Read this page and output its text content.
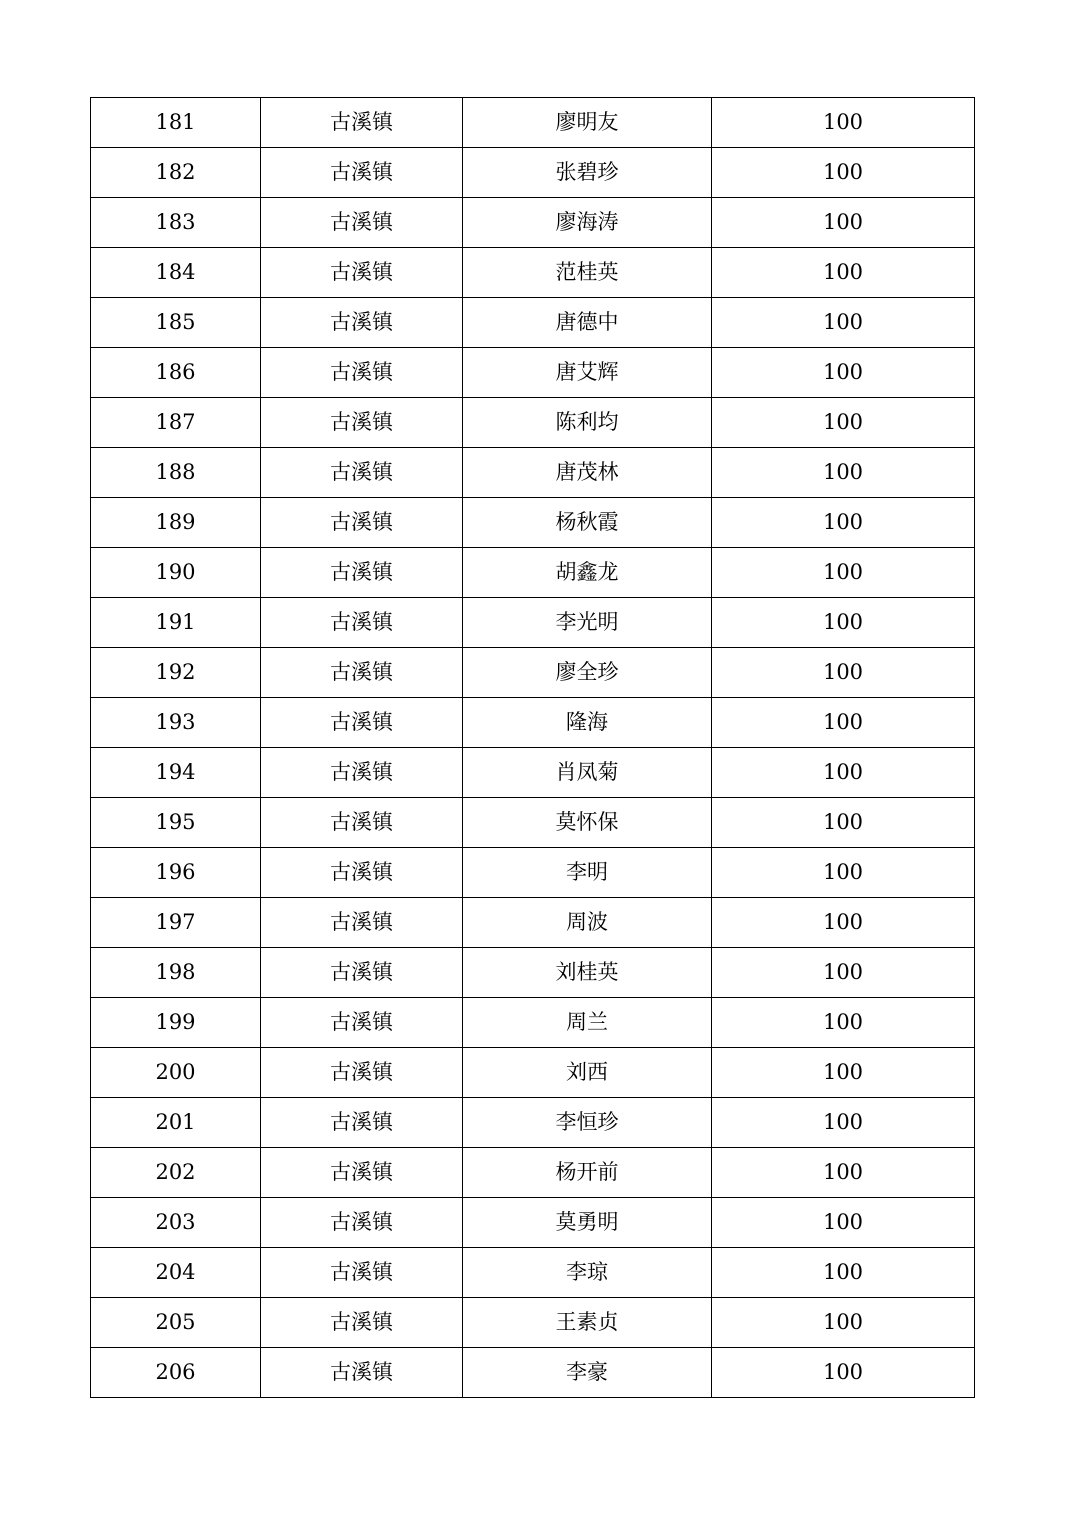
181	古溪镇	廖明友	100
182	古溪镇	张碧珍	100
183	古溪镇	廖海涛	100
184	古溪镇	范桂英	100
185	古溪镇	唐德中	100
186	古溪镇	唐艾辉	100
187	古溪镇	陈利均	100
188	古溪镇	唐茂林	100
189	古溪镇	杨秋霞	100
190	古溪镇	胡鑫龙	100
191	古溪镇	李光明	100
192	古溪镇	廖全珍	100
193	古溪镇	隆海	100
194	古溪镇	肖凤菊	100
195	古溪镇	莫怀保	100
196	古溪镇	李明	100
197	古溪镇	周波	100
198	古溪镇	刘桂英	100
199	古溪镇	周兰	100
200	古溪镇	刘西	100
201	古溪镇	李恒珍	100
202	古溪镇	杨开前	100
203	古溪镇	莫勇明	100
204	古溪镇	李琼	100
205	古溪镇	王素贞	100
206	古溪镇	李豪	100
